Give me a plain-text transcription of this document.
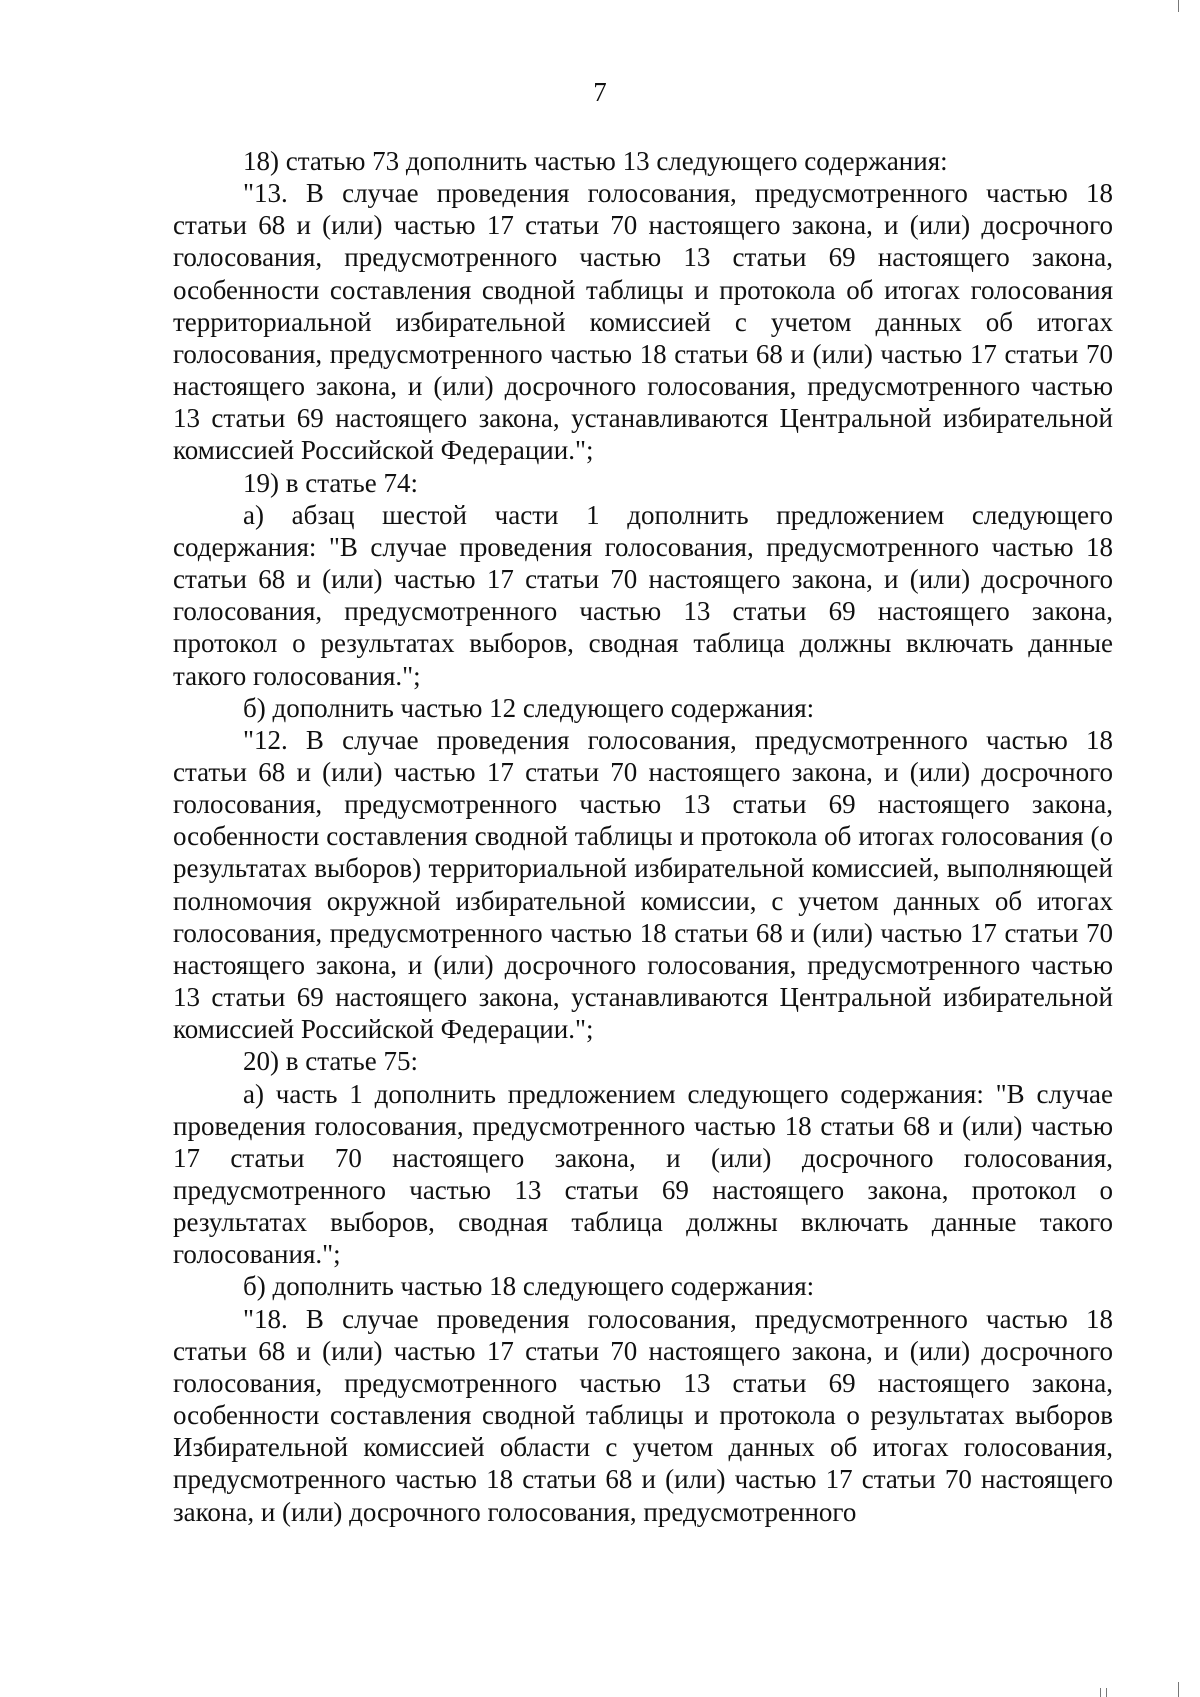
7

18) статью 73 дополнить частью 13 следующего содержания:

"13. В случае проведения голосования, предусмотренного частью 18 статьи 68 и (или) частью 17 статьи 70 настоящего закона, и (или) досрочного голосования, предусмотренного частью 13 статьи 69 настоящего закона, особенности составления сводной таблицы и протокола об итогах голосования территориальной избирательной комиссией с учетом данных об итогах голосования, предусмотренного частью 18 статьи 68 и (или) частью 17 статьи 70 настоящего закона, и (или) досрочного голосования, предусмотренного частью 13 статьи 69 настоящего закона, устанавливаются Центральной избирательной комиссией Российской Федерации.";

19) в статье 74:

а) абзац шестой части 1 дополнить предложением следующего содержания: "В случае проведения голосования, предусмотренного частью 18 статьи 68 и (или) частью 17 статьи 70 настоящего закона, и (или) досрочного голосования, предусмотренного частью 13 статьи 69 настоящего закона, протокол о результатах выборов, сводная таблица должны включать данные такого голосования.";

б) дополнить частью 12 следующего содержания:

"12. В случае проведения голосования, предусмотренного частью 18 статьи 68 и (или) частью 17 статьи 70 настоящего закона, и (или) досрочного голосования, предусмотренного частью 13 статьи 69 настоящего закона, особенности составления сводной таблицы и протокола об итогах голосования (о результатах выборов) территориальной избирательной комиссией, выполняющей полномочия окружной избирательной комиссии, с учетом данных об итогах голосования, предусмотренного частью 18 статьи 68 и (или) частью 17 статьи 70 настоящего закона, и (или) досрочного голосования, предусмотренного частью 13 статьи 69 настоящего закона, устанавливаются Центральной избирательной комиссией Российской Федерации.";

20) в статье 75:

а) часть 1 дополнить предложением следующего содержания: "В случае проведения голосования, предусмотренного частью 18 статьи 68 и (или) частью 17 статьи 70 настоящего закона, и (или) досрочного голосования, предусмотренного частью 13 статьи 69 настоящего закона, протокол о результатах выборов, сводная таблица должны включать данные такого голосования.";

б) дополнить частью 18 следующего содержания:

"18. В случае проведения голосования, предусмотренного частью 18 статьи 68 и (или) частью 17 статьи 70 настоящего закона, и (или) досрочного голосования, предусмотренного частью 13 статьи 69 настоящего закона, особенности составления сводной таблицы и протокола о результатах выборов Избирательной комиссией области с учетом данных об итогах голосования, предусмотренного частью 18 статьи 68 и (или) частью 17 статьи 70 настоящего закона, и (или) досрочного голосования, предусмотренного
